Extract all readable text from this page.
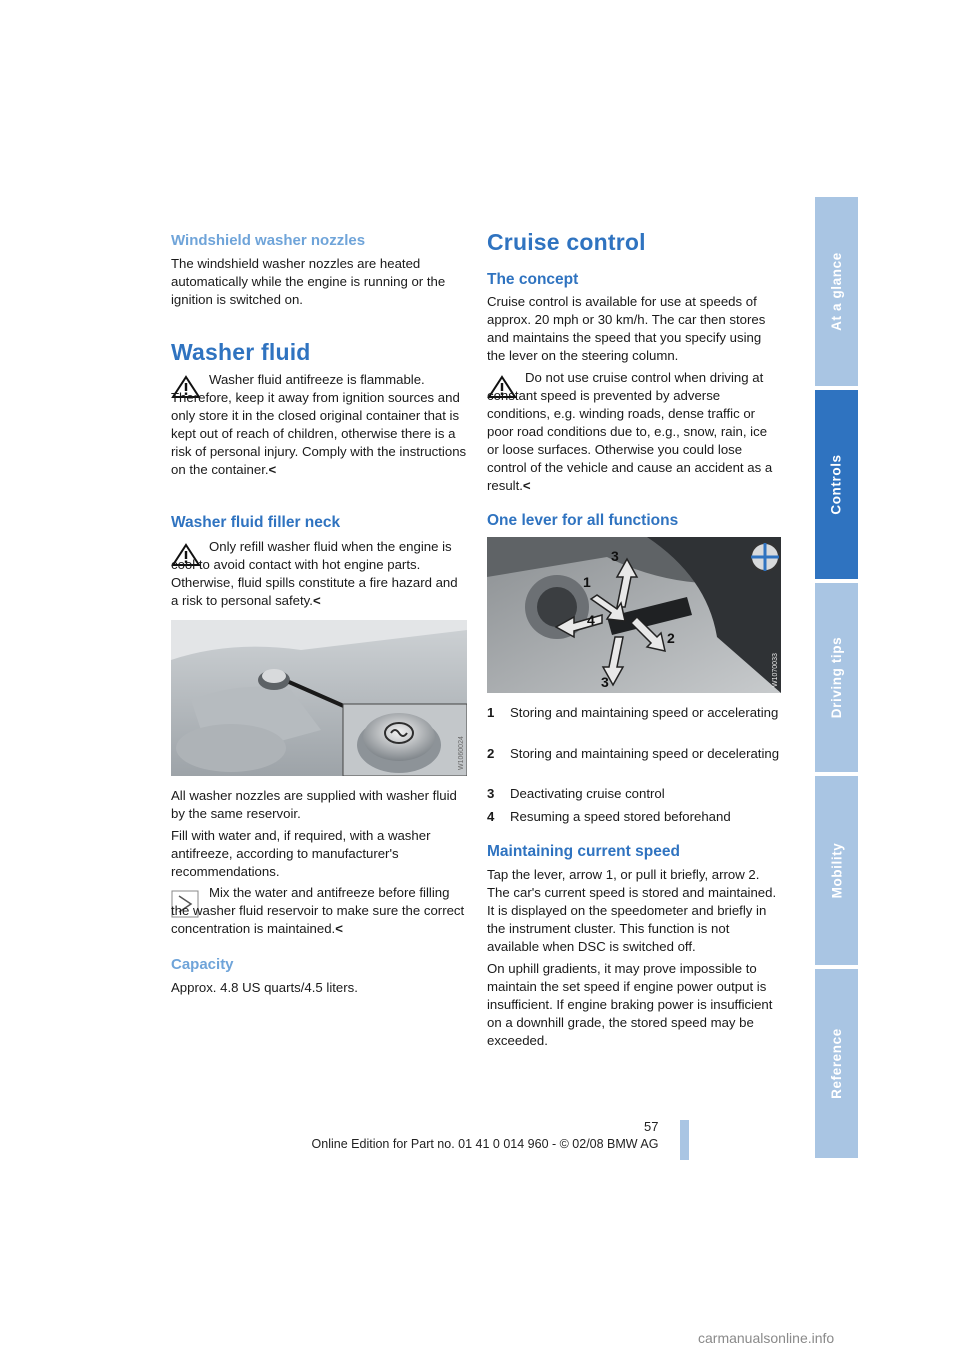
Windshield washer nozzles

The windshield washer nozzles are heated automatically while the engine is running or the ignition is switched on.

Washer fluid

Washer fluid antifreeze is flammable. Therefore, keep it away from ignition sources and only store it in the closed original container that is kept out of reach of children, otherwise there is a risk of personal injury. Comply with the instructions on the container.<

Washer fluid filler neck

Only refill washer fluid when the engine is cool to avoid contact with hot engine parts. Otherwise, fluid spills constitute a fire hazard and a risk to personal safety.<

W1060024

All washer nozzles are supplied with washer fluid by the same reservoir.

Fill with water and, if required, with a washer antifreeze, according to manufacturer's recommendations.

Mix the water and antifreeze before filling the washer fluid reservoir to make sure the correct concentration is maintained.<

Capacity

Approx. 4.8 US quarts/4.5 liters.

Cruise control
The concept

Cruise control is available for use at speeds of approx. 20 mph or 30 km/h. The car then stores and maintains the speed that you specify using the lever on the steering column.

Do not use cruise control when driving at constant speed is prevented by adverse conditions, e.g. winding roads, dense traffic or poor road conditions due to, e.g., snow, rain, ice or loose surfaces. Otherwise you could lose control of the vehicle and cause an accident as a result.<

One lever for all functions
3
3
2
1
4
W1070033
1	Storing and maintaining speed or accelerating
2	Storing and maintaining speed or decelerating
3	Deactivating cruise control
4	Resuming a speed stored beforehand
Maintaining current speed

Tap the lever, arrow 1, or pull it briefly, arrow 2. The car's current speed is stored and maintained. It is displayed on the speedometer and briefly in the instrument cluster. This function is not available when DSC is switched off.

On uphill gradients, it may prove impossible to maintain the set speed if engine power output is insufficient. If engine braking power is insufficient on a downhill grade, the stored speed may be exceeded.

At a glance
Controls
Driving tips
Mobility
Reference
57
Online Edition for Part no. 01 41 0 014 960 - © 02/08 BMW AG
carmanualsonline.info
